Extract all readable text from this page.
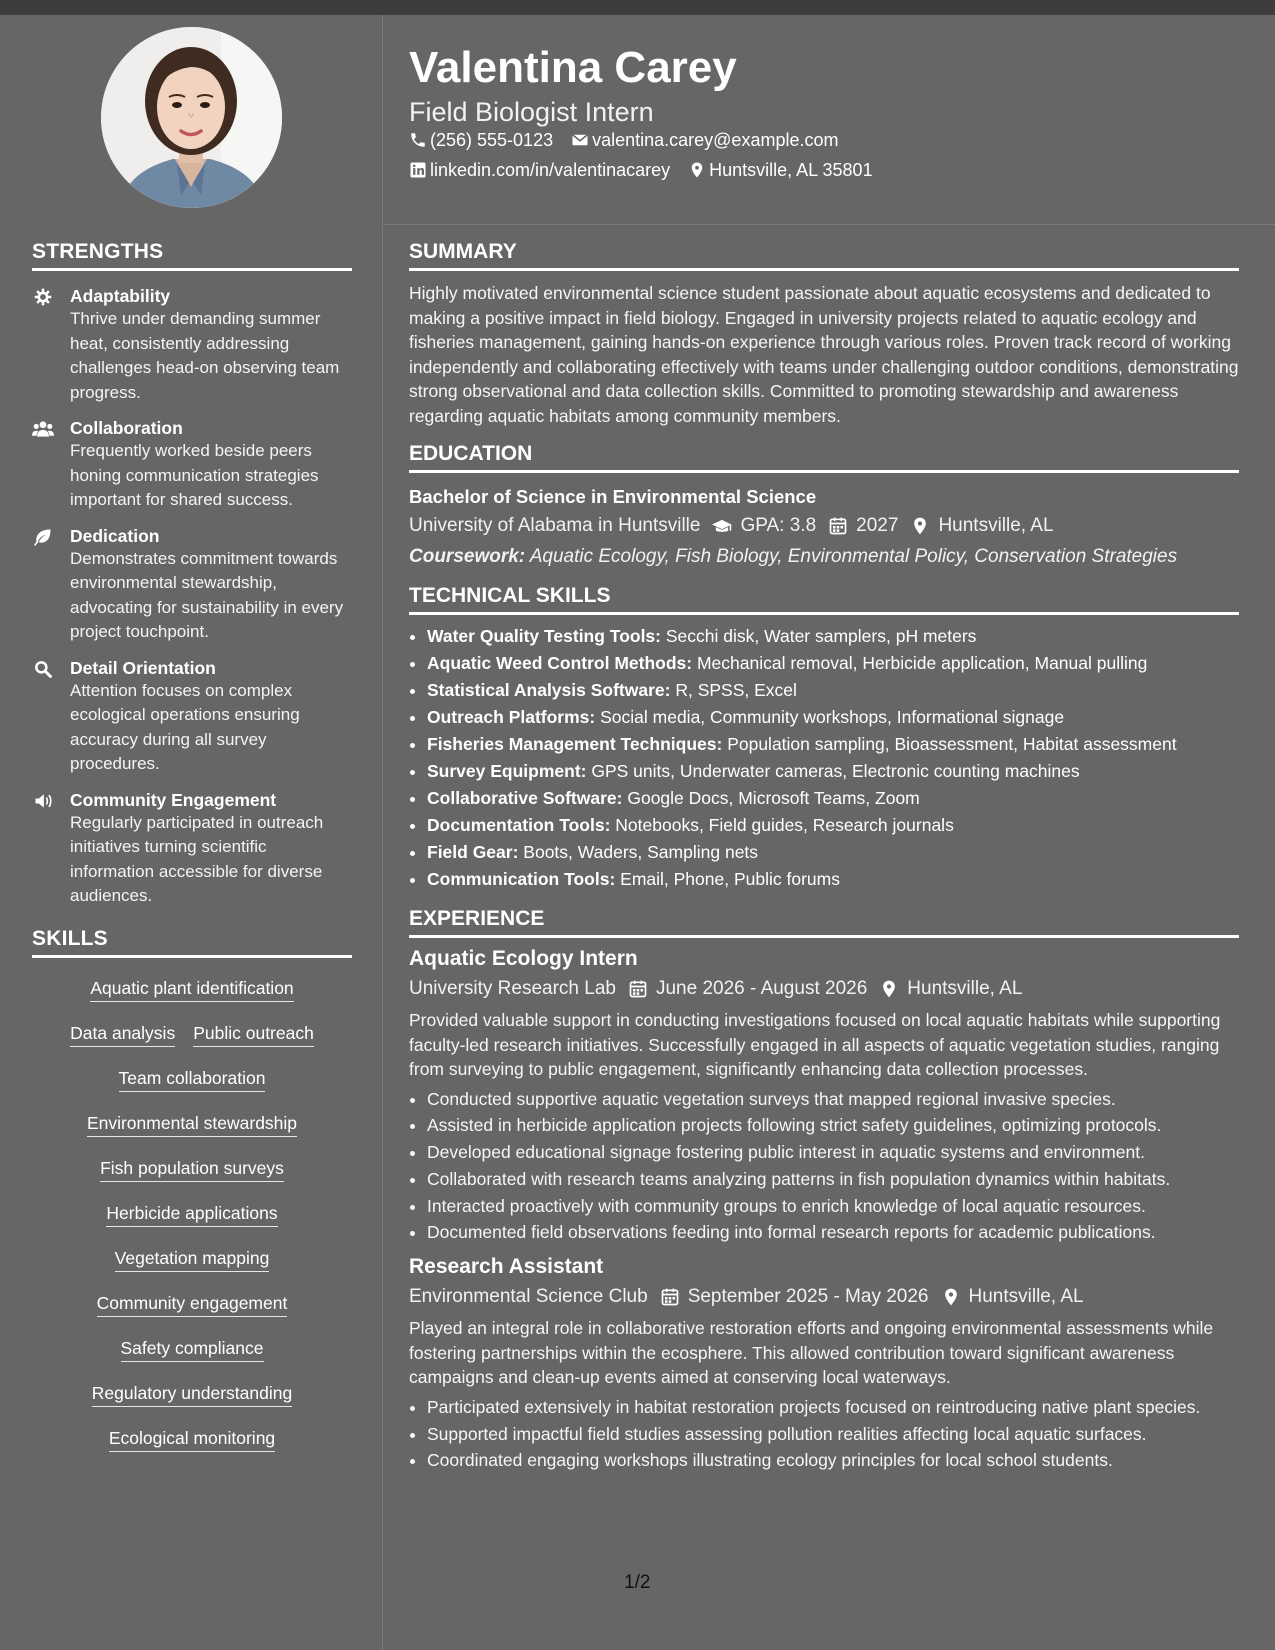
Valentina Carey
Field Biologist Intern
(256) 555-0123 valentina.carey@example.com
linkedin.com/in/valentinacarey Huntsville, AL 35801
STRENGTHS
Adaptability
Thrive under demanding summer heat, consistently addressing challenges head-on observing team progress.
Collaboration
Frequently worked beside peers honing communication strategies important for shared success.
Dedication
Demonstrates commitment towards environmental stewardship, advocating for sustainability in every project touchpoint.
Detail Orientation
Attention focuses on complex ecological operations ensuring accuracy during all survey procedures.
Community Engagement
Regularly participated in outreach initiatives turning scientific information accessible for diverse audiences.
SKILLS
Aquatic plant identification
Data analysis Public outreach
Team collaboration
Environmental stewardship
Fish population surveys
Herbicide applications
Vegetation mapping
Community engagement
Safety compliance
Regulatory understanding
Ecological monitoring
SUMMARY

Highly motivated environmental science student passionate about aquatic ecosystems and dedicated to making a positive impact in field biology. Engaged in university projects related to aquatic ecology and fisheries management, gaining hands-on experience through various roles. Proven track record of working independently and collaborating effectively with teams under challenging outdoor conditions, demonstrating strong observational and data collection skills. Committed to promoting stewardship and awareness regarding aquatic habitats among community members.

EDUCATION
Bachelor of Science in Environmental Science
University of Alabama in Huntsville GPA: 3.8 2027 Huntsville, AL
Coursework: Aquatic Ecology, Fish Biology, Environmental Policy, Conservation Strategies
TECHNICAL SKILLS
• Water Quality Testing Tools: Secchi disk, Water samplers, pH meters
• Aquatic Weed Control Methods: Mechanical removal, Herbicide application, Manual pulling
• Statistical Analysis Software: R, SPSS, Excel
• Outreach Platforms: Social media, Community workshops, Informational signage
• Fisheries Management Techniques: Population sampling, Bioassessment, Habitat assessment
• Survey Equipment: GPS units, Underwater cameras, Electronic counting machines
• Collaborative Software: Google Docs, Microsoft Teams, Zoom
• Documentation Tools: Notebooks, Field guides, Research journals
• Field Gear: Boots, Waders, Sampling nets
• Communication Tools: Email, Phone, Public forums
EXPERIENCE
Aquatic Ecology Intern
University Research Lab June 2026 - August 2026 Huntsville, AL

Provided valuable support in conducting investigations focused on local aquatic habitats while supporting faculty-led research initiatives. Successfully engaged in all aspects of aquatic vegetation studies, ranging from surveying to public engagement, significantly enhancing data collection processes.

• Conducted supportive aquatic vegetation surveys that mapped regional invasive species.
• Assisted in herbicide application projects following strict safety guidelines, optimizing protocols.
• Developed educational signage fostering public interest in aquatic systems and environment.
• Collaborated with research teams analyzing patterns in fish population dynamics within habitats.
• Interacted proactively with community groups to enrich knowledge of local aquatic resources.
• Documented field observations feeding into formal research reports for academic publications.
Research Assistant
Environmental Science Club September 2025 - May 2026 Huntsville, AL

Played an integral role in collaborative restoration efforts and ongoing environmental assessments while fostering partnerships within the ecosphere. This allowed contribution toward significant awareness campaigns and clean-up events aimed at conserving local waterways.

• Participated extensively in habitat restoration projects focused on reintroducing native plant species.
• Supported impactful field studies assessing pollution realities affecting local aquatic surfaces.
• Coordinated engaging workshops illustrating ecology principles for local school students.
1/2
